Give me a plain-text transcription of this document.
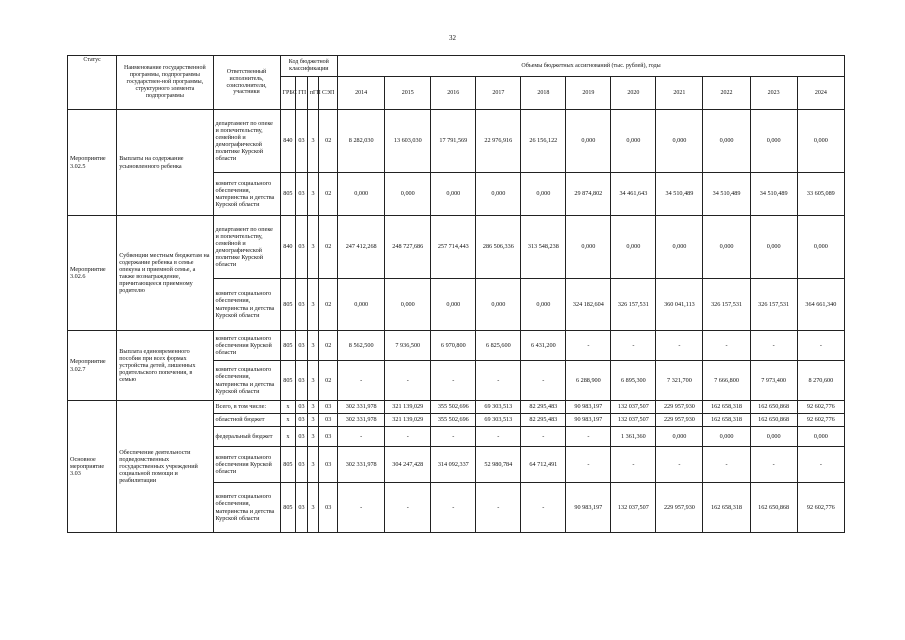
32
Статус	Наименование государственной программы, подпрограммы государствен-ной программы, структурного элемента подпрограммы	Ответственный исполнитель, соисполнители, участники	Код бюджетной классификации				Объемы бюджетных ассигнований (тыс. рублей), годы										
			ГРБС	ГП	пГП	СЭП	2014	2015	2016	2017	2018	2019	2020	2021	2022	2023	2024
Мероприятие 3.02.5	Выплаты на содержание усыновленного ребенка	департамент по опеке и попечительству, семейной и демографической политике Курской области	840	03	3	02	8 282,030	13 603,030	17 791,569	22 976,916	26 156,122	0,000	0,000	0,000	0,000	0,000	0,000
		комитет социального обеспечения, материнства и детства Курской области	805	03	3	02	0,000	0,000	0,000	0,000	0,000	29 874,802	34 461,643	34 510,489	34 510,489	34 510,489	33 605,089
Мероприятие 3.02.6	Субвенции местным бюджетам на содержание ребенка в семье опекуна и приемной семье, а также вознаграждение, причитающееся приемному родителю	департамент по опеке и попечительству, семейной и демографической политике Курской области	840	03	3	02	247 412,268	248 727,686	257 714,443	286 506,336	313 548,238	0,000	0,000	0,000	0,000	0,000	0,000
		комитет социального обеспечения, материнства и детства Курской области	805	03	3	02	0,000	0,000	0,000	0,000	0,000	324 182,604	326 157,531	360 041,113	326 157,531	326 157,531	364 661,340
Мероприятие 3.02.7	Выплата единовременного пособия при всех формах устройства детей, лишенных родительского попечения, в семью	комитет социального обеспечения Курской области	805	03	3	02	8 562,500	7 936,500	6 970,800	6 825,600	6 431,200	-	-	-	-	-	-
		комитет социального обеспечения, материнства и детства Курской области	805	03	3	02	-	-	-	-	-	6 288,900	6 895,300	7 321,700	7 666,800	7 973,400	8 270,600
Основное мероприятие 3.03	Обеспечение деятельности подведомственных государственных учреждений социальной помощи и реабилитации	Всего, в том числе:	х	03	3	03	302 331,978	321 139,029	355 502,696	69 303,513	82 295,483	90 983,197	132 037,507	229 957,930	162 658,318	162 650,868	92 602,776
		областной бюджет	х	03	3	03	302 331,978	321 139,029	355 502,696	69 303,513	82 295,483	90 983,197	132 037,507	229 957,930	162 658,318	162 650,868	92 602,776
		федеральный бюджет	х	03	3	03	-	-	-	-	-	-	1 361,360	0,000	0,000	0,000	0,000
		комитет социального обеспечения Курской области	805	03	3	03	302 331,978	304 247,428	314 092,337	52 980,784	64 712,491	-	-	-	-	-	-
		комитет социального обеспечения, материнства и детства Курской области	805	03	3	03	-	-	-	-	-	90 983,197	132 037,507	229 957,930	162 658,318	162 650,868	92 602,776
